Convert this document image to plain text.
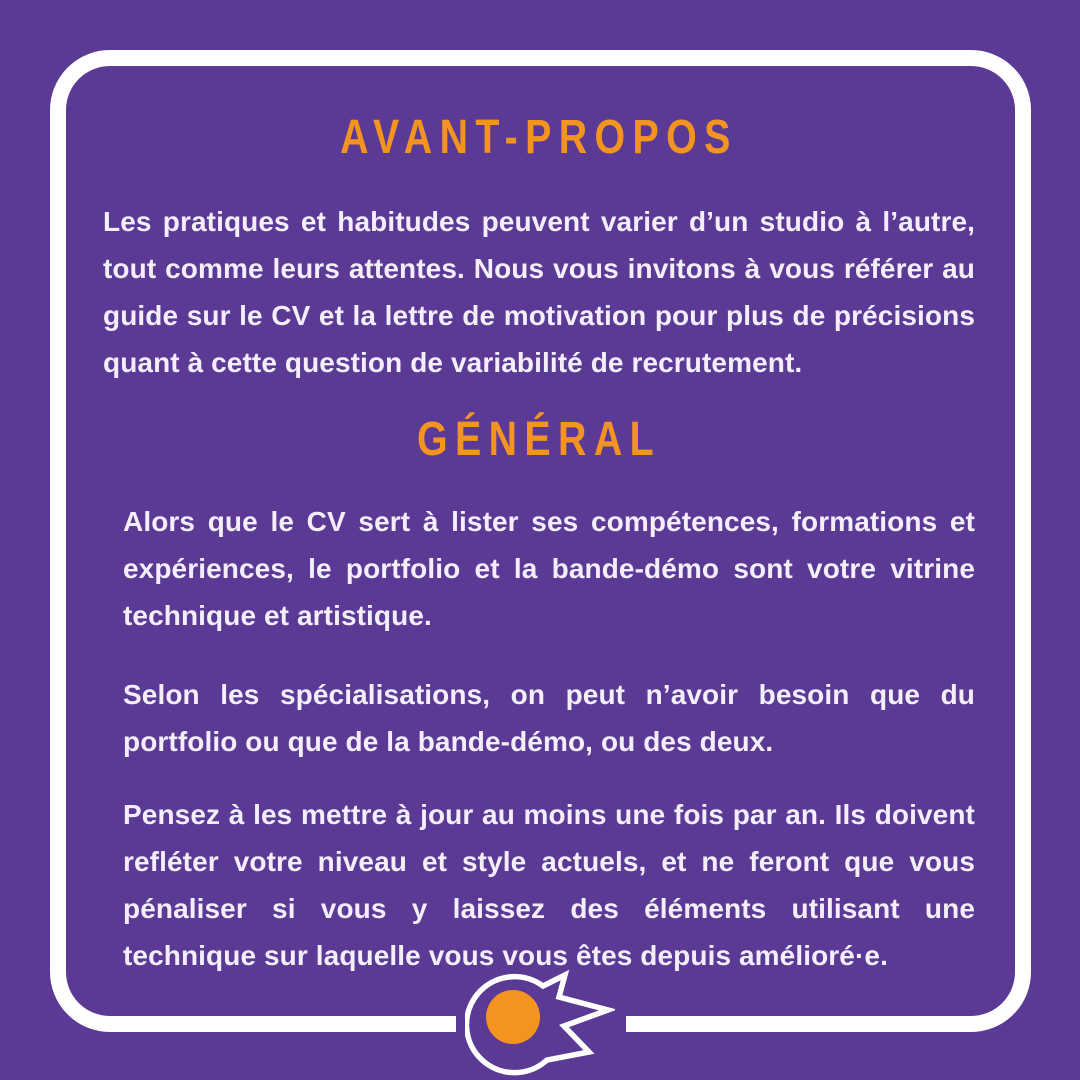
AVANT-PROPOS

Les pratiques et habitudes peuvent varier d’un studio à l’autre, tout comme leurs attentes. Nous vous invitons à vous référer au guide sur le CV et la lettre de motivation pour plus de précisions quant à cette question de variabilité de recrutement.

GÉNÉRAL

Alors que le CV sert à lister ses compétences, formations et expériences, le portfolio et la bande-démo sont votre vitrine technique et artistique.

Selon les spécialisations, on peut n’avoir besoin que du portfolio ou que de la bande-démo, ou des deux.

Pensez à les mettre à jour au moins une fois par an. Ils doivent refléter votre niveau et style actuels, et ne feront que vous pénaliser si vous y laissez des éléments utilisant une technique sur laquelle vous vous êtes depuis amélioré·e.
